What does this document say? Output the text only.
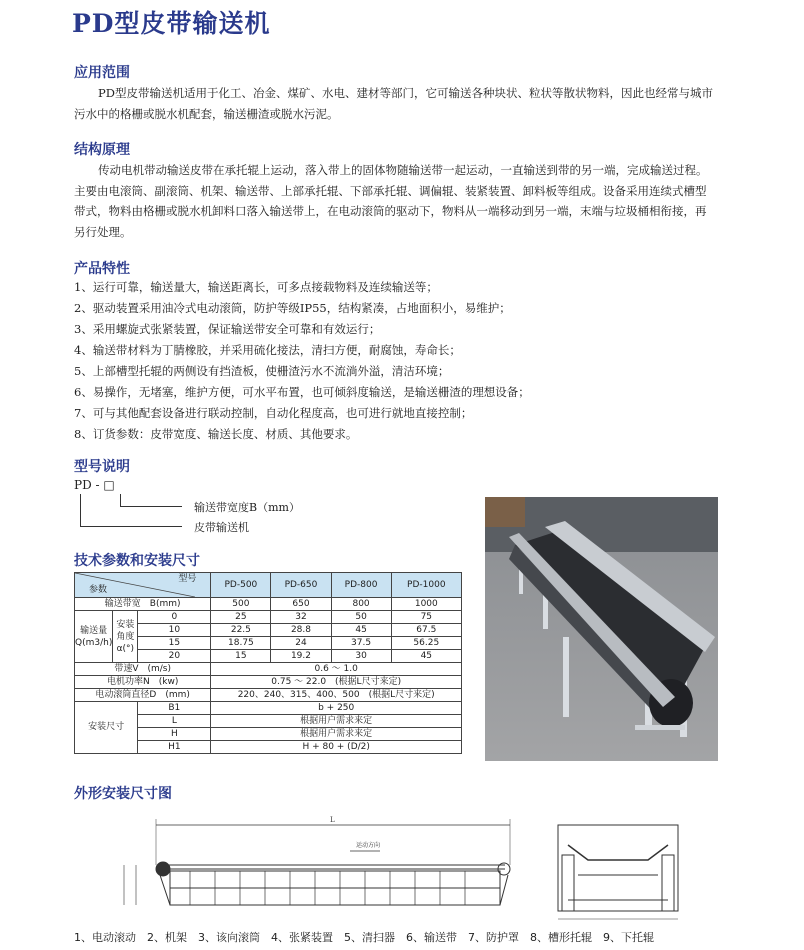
PD型皮带输送机
应用范围
PD型皮带输送机适用于化工、冶金、煤矿、水电、建材等部门，它可输送各种块状、粒状等散状物料，因此也经常与城市污水中的格栅或脱水机配套，输送栅渣或脱水污泥。
结构原理
传动电机带动输送皮带在承托辊上运动，落入带上的固体物随输送带一起运动，一直输送到带的另一端，完成输送过程。主要由电滚筒、副滚筒、机架、输送带、上部承托辊、下部承托辊、调偏辊、装紧装置、卸料板等组成。设备采用连续式槽型带式，物料由格栅或脱水机卸料口落入输送带上，在电动滚筒的驱动下，物料从一端移动到另一端，末端与垃圾桶相衔接，再另行处理。
产品特性
1、运行可靠，输送量大，输送距离长，可多点接载物料及连续输送等；
2、驱动装置采用油冷式电动滚筒，防护等级IP55，结构紧凑，占地面积小，易维护；
3、采用螺旋式张紧装置，保证输送带安全可靠和有效运行；
4、输送带材料为丁腈橡胶，并采用硫化接法，清扫方便，耐腐蚀，寿命长；
5、上部槽型托辊的两侧设有挡渣板，使栅渣污水不流淌外溢，清洁环境；
6、易操作，无堵塞，维护方便，可水平布置，也可倾斜度输送，是输送栅渣的理想设备；
7、可与其他配套设备进行联动控制，自动化程度高，也可进行就地直接控制；
8、订货参数：皮带宽度、输送长度、材质、其他要求。
型号说明
PD - □
输送带宽度B（mm）
皮带输送机
技术参数和安装尺寸
型号
参数			PD-500	PD-650	PD-800	PD-1000
输送带宽　B(mm)			500	650	800	1000
输送量Q(m3/h)	安装角度α(°)	0	25	32	50	75
		10	22.5	28.8	45	67.5
		15	18.75	24	37.5	56.25
		20	15	19.2	30	45
带速V　(m/s)			0.6 ～ 1.0			
电机功率N　(kw)			0.75 ～ 22.0　(根据L尺寸来定)			
电动滚筒直径D　(mm)			220、240、315、400、500　(根据L尺寸来定)			
安装尺寸		B1	b + 250			
		L	根据用户需求来定			
		H	根据用户需求来定			
		H1	H + 80 + (D/2)			
外形安装尺寸图
运动方向
L
1、电动滚动　2、机架　3、该向滚筒　4、张紧装置　5、清扫器　6、输送带　7、防护罩　8、槽形托辊　9、下托辊
